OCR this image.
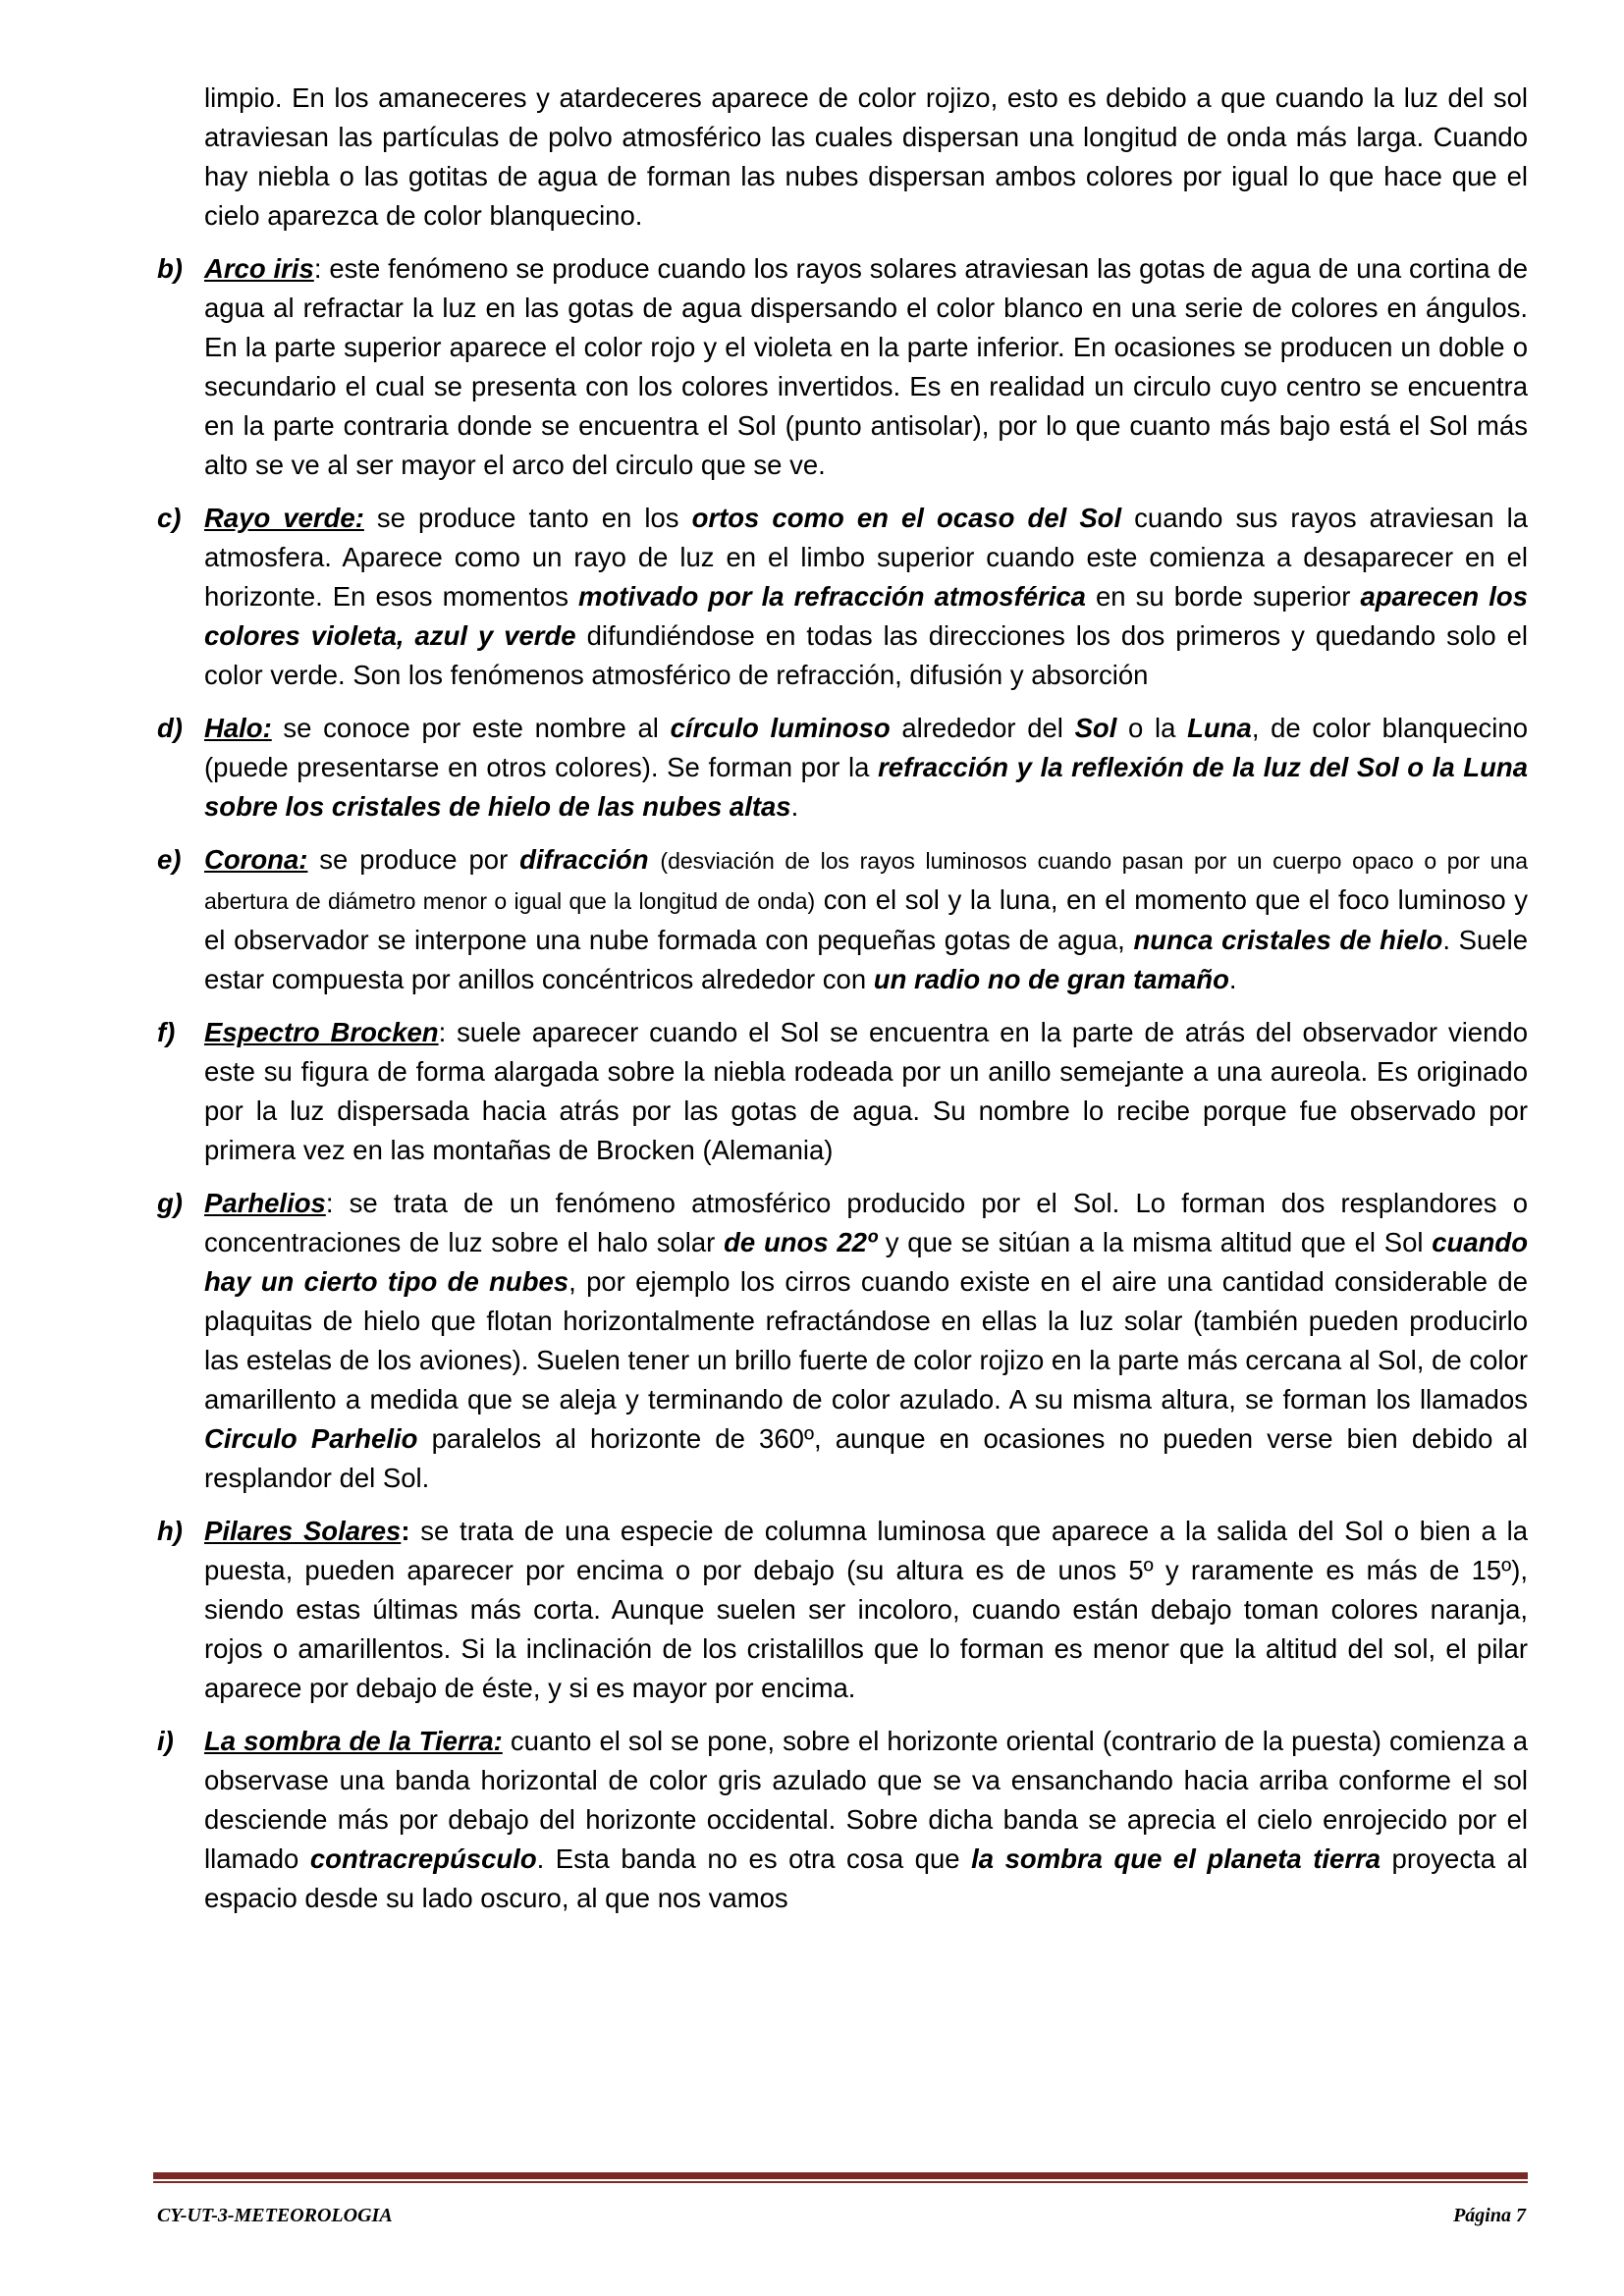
limpio. En los amaneceres y atardeceres aparece de color rojizo, esto es debido a que cuando la luz del sol atraviesan las partículas de polvo atmosférico las cuales dispersan una longitud de onda más larga. Cuando hay niebla o las gotitas de agua de forman las nubes dispersan ambos colores por igual lo que hace que el cielo aparezca de color blanquecino.

b) Arco iris: este fenómeno se produce cuando los rayos solares atraviesan las gotas de agua de una cortina de agua al refractar la luz en las gotas de agua dispersando el color blanco en una serie de colores en ángulos. En la parte superior aparece el color rojo y el violeta en la parte inferior. En ocasiones se producen un doble o secundario el cual se presenta con los colores invertidos. Es en realidad un circulo cuyo centro se encuentra en la parte contraria donde se encuentra el Sol (punto antisolar), por lo que cuanto más bajo está el Sol más alto se ve al ser mayor el arco del circulo que se ve.
c) Rayo verde: se produce tanto en los ortos como en el ocaso del Sol cuando sus rayos atraviesan la atmosfera. Aparece como un rayo de luz en el limbo superior cuando este comienza a desaparecer en el horizonte. En esos momentos motivado por la refracción atmosférica en su borde superior aparecen los colores violeta, azul y verde difundiéndose en todas las direcciones los dos primeros y quedando solo el color verde. Son los fenómenos atmosférico de refracción, difusión y absorción
d) Halo: se conoce por este nombre al círculo luminoso alrededor del Sol o la Luna, de color blanquecino (puede presentarse en otros colores). Se forman por la refracción y la reflexión de la luz del Sol o la Luna sobre los cristales de hielo de las nubes altas.
e) Corona: se produce por difracción (desviación de los rayos luminosos cuando pasan por un cuerpo opaco o por una abertura de diámetro menor o igual que la longitud de onda) con el sol y la luna, en el momento que el foco luminoso y el observador se interpone una nube formada con pequeñas gotas de agua, nunca cristales de hielo. Suele estar compuesta por anillos concéntricos alrededor con un radio no de gran tamaño.
f)	Espectro Brocken: suele aparecer cuando el Sol se encuentra en la parte de atrás del observador viendo este su figura de forma alargada sobre la niebla rodeada por un anillo semejante a una aureola. Es originado por la luz dispersada hacia atrás por las gotas de agua. Su nombre lo recibe porque fue observado por primera vez en las montañas de Brocken (Alemania)
g) Parhelios: se trata de un fenómeno atmosférico producido por el Sol. Lo forman dos resplandores o concentraciones de luz sobre el halo solar de unos 22º y que se sitúan a la misma altitud que el Sol cuando hay un cierto tipo de nubes, por ejemplo los cirros cuando existe en el aire una cantidad considerable de plaquitas de hielo que flotan horizontalmente refractándose en ellas la luz solar (también pueden producirlo las estelas de los aviones). Suelen tener un brillo fuerte de color rojizo en la parte más cercana al Sol, de color amarillento a medida que se aleja y terminando de color azulado. A su misma altura, se forman los llamados Circulo Parhelio paralelos al horizonte de 360º, aunque en ocasiones no pueden verse bien debido al resplandor del Sol.
h) Pilares Solares: se trata de una especie de columna luminosa que aparece a la salida del Sol o bien a la puesta, pueden aparecer por encima o por debajo (su altura es de unos 5º y raramente es más de 15º), siendo estas últimas más corta. Aunque suelen ser incoloro, cuando están debajo toman colores naranja, rojos o amarillentos. Si la inclinación de los cristalillos que lo forman es menor que la altitud del sol, el pilar aparece por debajo de éste, y si es mayor por encima.
i)	La sombra de la Tierra: cuanto el sol se pone, sobre el horizonte oriental (contrario de la puesta) comienza a observase una banda horizontal de color gris azulado que se va ensanchando hacia arriba conforme el sol desciende más por debajo del horizonte occidental. Sobre dicha banda se aprecia el cielo enrojecido por el llamado contracrepúsculo. Esta banda no es otra cosa que la sombra que el planeta tierra proyecta al espacio desde su lado oscuro, al que nos vamos
CY-UT-3-METEOROLOGIA	Página 7
